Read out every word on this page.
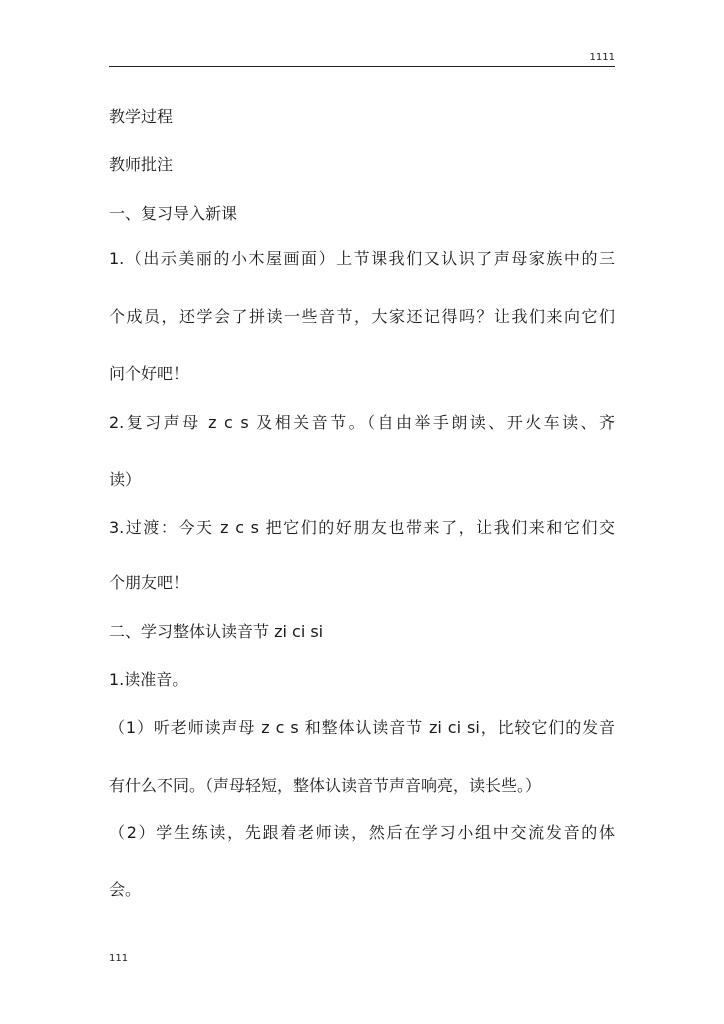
1111
教学过程
教师批注
一、复习导入新课
1.（出示美丽的小木屋画面）上节课我们又认识了声母家族中的三
个成员，还学会了拼读一些音节，大家还记得吗？让我们来向它们
问个好吧！
2.复习声母 z c s 及相关音节。（自由举手朗读、开火车读、齐
读）
3.过渡：今天 z c s 把它们的好朋友也带来了，让我们来和它们交
个朋友吧！
二、学习整体认读音节 zi ci si
1.读准音。
（1）听老师读声母 z c s 和整体认读音节 zi ci si，比较它们的发音
有什么不同。（声母轻短，整体认读音节声音响亮，读长些。）
（2）学生练读，先跟着老师读，然后在学习小组中交流发音的体
会。
111
